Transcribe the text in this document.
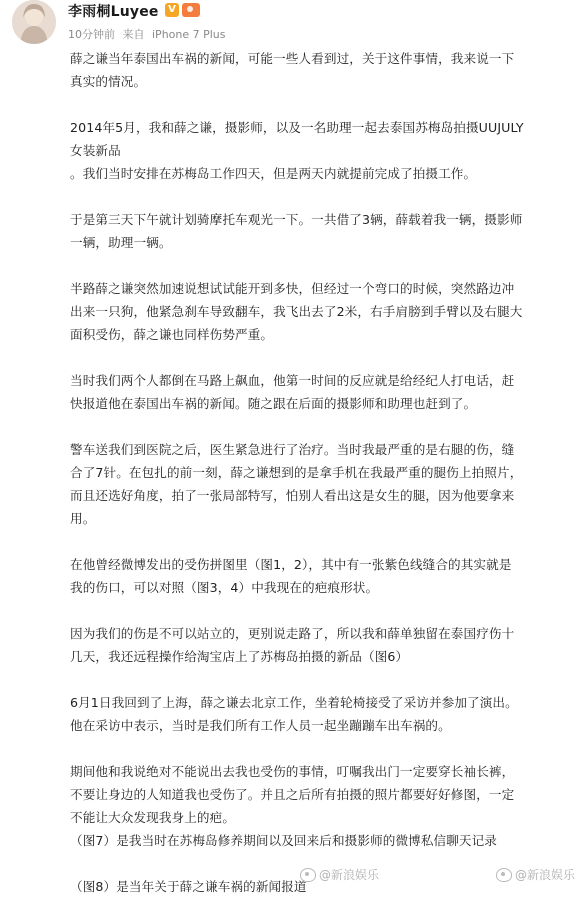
李雨桐Luyee V
10分钟前 来自 iPhone 7 Plus

薛之谦当年泰国出车祸的新闻，可能一些人看到过，关于这件事情，我来说一下

真实的情况。

2014年5月，我和薛之谦，摄影师，以及一名助理一起去泰国苏梅岛拍摄UUJULY

女装新品

。我们当时安排在苏梅岛工作四天，但是两天内就提前完成了拍摄工作。

于是第三天下午就计划骑摩托车观光一下。一共借了3辆，薛载着我一辆，摄影师

一辆，助理一辆。

半路薛之谦突然加速说想试试能开到多快，但经过一个弯口的时候，突然路边冲

出来一只狗，他紧急刹车导致翻车，我飞出去了2米，右手肩膀到手臂以及右腿大

面积受伤，薛之谦也同样伤势严重。

当时我们两个人都倒在马路上飙血，他第一时间的反应就是给经纪人打电话，赶

快报道他在泰国出车祸的新闻。随之跟在后面的摄影师和助理也赶到了。

警车送我们到医院之后，医生紧急进行了治疗。当时我最严重的是右腿的伤，缝

合了7针。在包扎的前一刻，薛之谦想到的是拿手机在我最严重的腿伤上拍照片，

而且还选好角度，拍了一张局部特写，怕别人看出这是女生的腿，因为他要拿来

用。

在他曾经微博发出的受伤拼图里（图1，2），其中有一张紫色线缝合的其实就是

我的伤口，可以对照（图3，4）中我现在的疤痕形状。

因为我们的伤是不可以站立的，更别说走路了，所以我和薛单独留在泰国疗伤十

几天，我还远程操作给淘宝店上了苏梅岛拍摄的新品（图6）

6月1日我回到了上海，薛之谦去北京工作，坐着轮椅接受了采访并参加了演出。

他在采访中表示，当时是我们所有工作人员一起坐蹦蹦车出车祸的。

期间他和我说绝对不能说出去我也受伤的事情，叮嘱我出门一定要穿长袖长裤，

不要让身边的人知道我也受伤了。并且之后所有拍摄的照片都要好好修图，一定

不能让大众发现我身上的疤。

（图7）是我当时在苏梅岛修养期间以及回来后和摄影师的微博私信聊天记录

（图8）是当年关于薛之谦车祸的新闻报道

@新浪娱乐	@新浪娱乐
